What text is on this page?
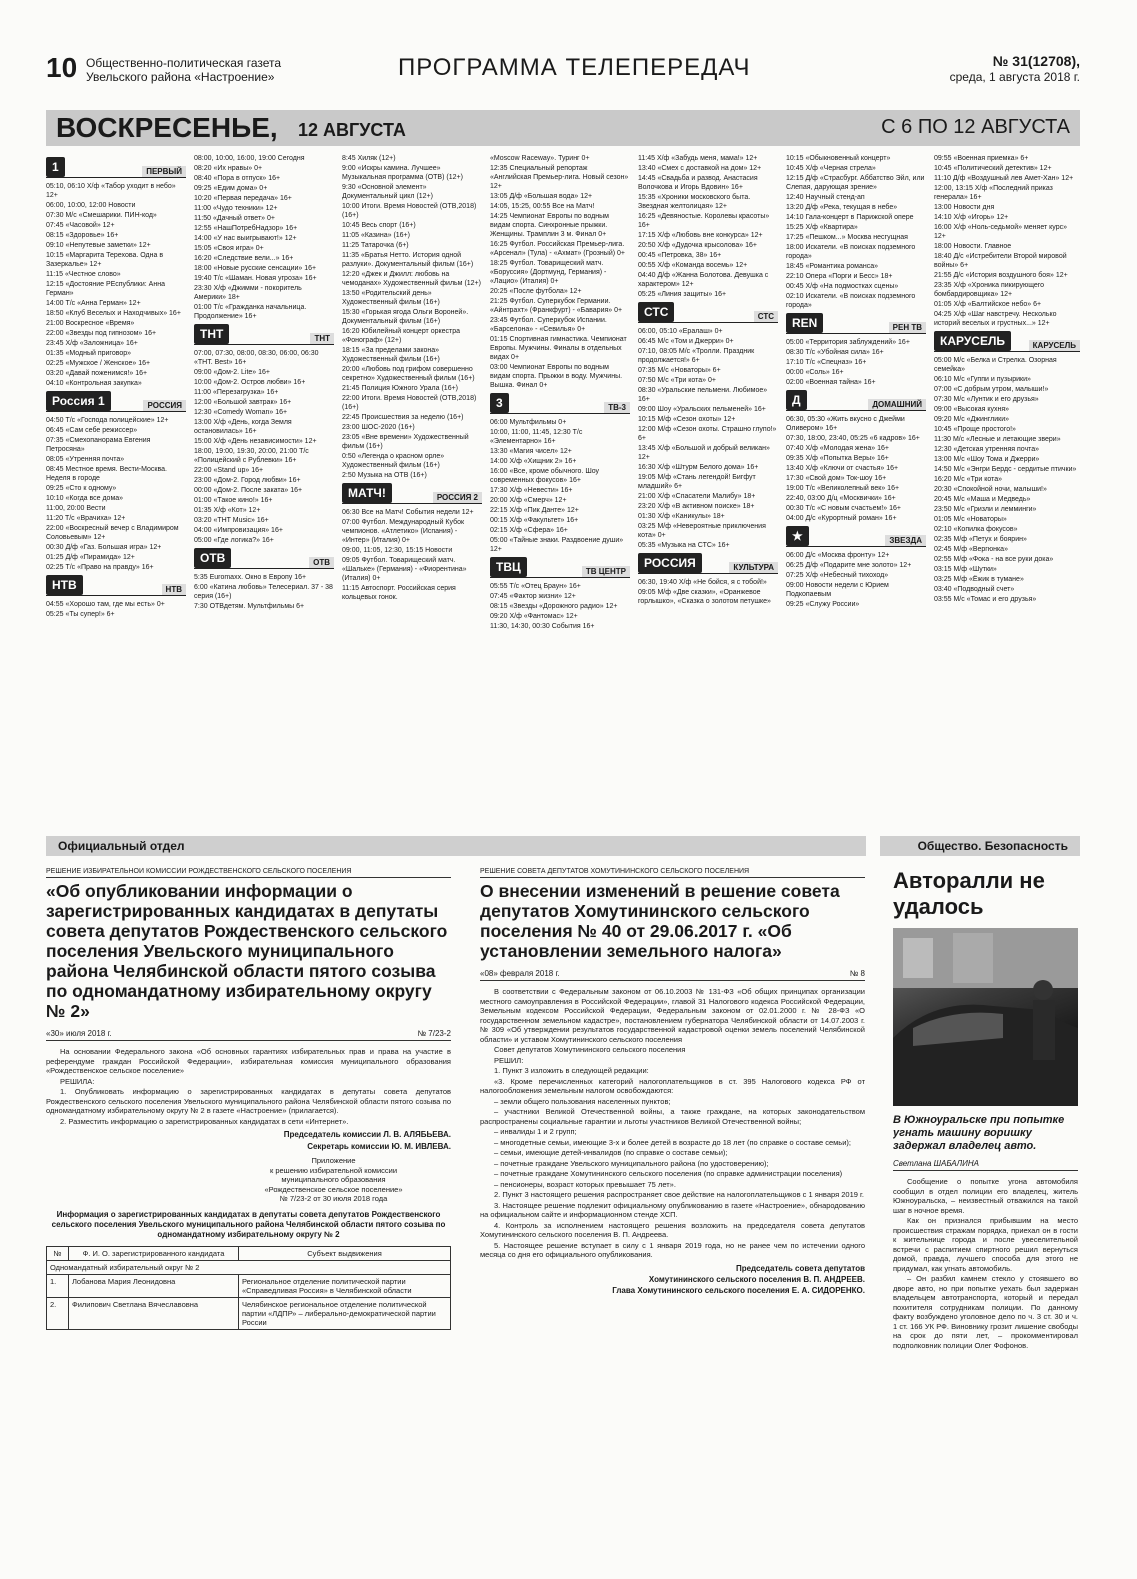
10 Общественно-политическая газета
Увельского района «Настроение»	ПРОГРАММА ТЕЛЕПЕРЕДАЧ	№ 31(12708),
среда, 1 августа 2018 г.
ВОСКРЕСЕНЬЕ, 12 АВГУСТА	С 6 ПО 12 АВГУСТА
1	ПЕРВЫЙ
05:10, 06:10 Х/ф «Табор уходит в небо» 12+
06:00, 10:00, 12:00 Новости
07:30 М/с «Смешарики. ПИН-код»
07:45 «Часовой» 12+
08:15 «Здоровье» 16+
09:10 «Непутевые заметки» 12+
10:15 «Маргарита Терехова. Одна в Зазеркалье» 12+
11:15 «Честное слово»
12:15 «Достояние РЕспублики: Анна Герман»
14:00 Т/с «Анна Герман» 12+
18:50 «Клуб Веселых и Находчивых» 16+
21:00 Воскресное «Время»
22:00 «Звезды под гипнозом» 16+
23:45 Х/ф «Заложница» 16+
01:35 «Модный приговор»
02:25 «Мужское / Женское» 16+
03:20 «Давай поженимся!» 16+
04:10 «Контрольная закупка»
Россия 1	РОССИЯ
04:50 Т/с «Господа полицейские» 12+
06:45 «Сам себе режиссер»
07:35 «Смехопанорама Евгения Петросяна»
08:05 «Утренняя почта»
08:45 Местное время. Вести-Москва. Неделя в городе
09:25 «Сто к одному»
10:10 «Когда все дома»
11:00, 20:00 Вести
11:20 Т/с «Врачиха» 12+
22:00 «Воскресный вечер с Владимиром Соловьевым» 12+
00:30 Д/ф «Газ. Большая игра» 12+
01:25 Д/ф «Пирамида» 12+
02:25 Т/с «Право на правду» 16+
НТВ	НТВ
04:55 «Хорошо там, где мы есть» 0+
05:25 «Ты супер!» 6+
08:00, 10:00, 16:00, 19:00 Сегодня
08:20 «Их нравы» 0+
08:40 «Пора в отпуск» 16+
09:25 «Едим дома» 0+
10:20 «Первая передача» 16+
11:00 «Чудо техники» 12+
11:50 «Дачный ответ» 0+
12:55 «НашПотребНадзор» 16+
14:00 «У нас выигрывают!» 12+
15:05 «Своя игра» 0+
16:20 «Следствие вели...» 16+
18:00 «Новые русские сенсации» 16+
19:40 Т/с «Шаман. Новая угроза» 16+
23:30 Х/ф «Джимми - покоритель Америки» 18+
01:00 Т/с «Гражданка начальница. Продолжение» 16+
ТНТ	ТНТ
07:00, 07:30, 08:00, 08:30, 06:00, 06:30 «ТНТ. Best» 16+
09:00 «Дом-2. Lite» 16+
10:00 «Дом-2. Остров любви» 16+
11:00 «Перезагрузка» 16+
12:00 «Большой завтрак» 16+
12:30 «Comedy Woman» 16+
13:00 Х/ф «День, когда Земля остановилась» 16+
15:00 Х/ф «День независимости» 12+
18:00, 19:00, 19:30, 20:00, 21:00 Т/с «Полицейский с Рублевки» 16+
22:00 «Stand up» 16+
23:00 «Дом-2. Город любви» 16+
00:00 «Дом-2. После заката» 16+
01:00 «Такое кино!» 16+
01:35 Х/ф «Кот» 12+
03:20 «THT Music» 16+
04:00 «Импровизация» 16+
05:00 «Где логика?» 16+
ОТВ	ОТВ
5:35 Euromaxx. Окно в Европу 16+
6:00 «Катина любовь» Телесериал. 37 - 38 серия (16+)
7:30 ОТВдетям. Мультфильмы 6+
8:45 Хиляк (12+)
9:00 «Искры камина. Лучшее» Музыкальная программа (ОТВ) (12+)
9:30 «Основной элемент» Документальный цикл (12+)
10:00 Итоги. Время Новостей (ОТВ,2018) (16+)
10:45 Весь спорт (16+)
11:05 «Казина» (16+)
11:25 Татарочка (6+)
11:35 «Братья Нетто. История одной разлуки». Документальный фильм (16+)
12:20 «Джек и Джилл: любовь на чемоданах» Художественный фильм (12+)
13:50 «Родительский день» Художественный фильм (16+)
15:30 «Горькая ягода Ольги Вороней». Документальный фильм (16+)
16:20 Юбилейный концерт оркестра «Фонограф» (12+)
18:15 «За пределами закона» Художественный фильм (16+)
20:00 «Любовь под грифом совершенно секретно» Художественный фильм (16+)
21:45 Полиция Южного Урала (16+)
22:00 Итоги. Время Новостей (ОТВ,2018) (16+)
22:45 Происшествия за неделю (16+)
23:00 ШОС-2020 (16+)
23:05 «Вне времени» Художественный фильм (16+)
0:50 «Легенда о красном орле» Художественный фильм (16+)
2:50 Музыка на ОТВ (16+)
МАТЧ!	РОССИЯ 2
06:30 Все на Матч! События недели 12+
07:00 Футбол. Международный Кубок чемпионов. «Атлетико» (Испания) - «Интер» (Италия) 0+
09:00, 11:05, 12:30, 15:15 Новости
09:05 Футбол. Товарищеский матч. «Шальке» (Германия) - «Фиорентина» (Италия) 0+
11:15 Автоспорт. Российская серия кольцевых гонок.
«Moscow Raceway». Туринг 0+
12:35 Специальный репортаж «Английская Премьер-лига. Новый сезон» 12+
13:05 Д/ф «Большая вода» 12+
14:05, 15:25, 00:55 Все на Матч!
14:25 Чемпионат Европы по водным видам спорта. Синхронные прыжки. Женщины. Трамплин 3 м. Финал 0+
16:25 Футбол. Российская Премьер-лига. «Арсенал» (Тула) - «Ахмат» (Грозный) 0+
18:25 Футбол. Товарищеский матч. «Боруссия» (Дортмунд, Германия) - «Лацио» (Италия) 0+
20:25 «После футбола» 12+
21:25 Футбол. Суперкубок Германии. «Айнтрахт» (Франкфурт) - «Бавария» 0+
23:45 Футбол. Суперкубок Испании. «Барселона» - «Севилья» 0+
01:15 Спортивная гимнастика. Чемпионат Европы. Мужчины. Финалы в отдельных видах 0+
03:00 Чемпионат Европы по водным видам спорта. Прыжки в воду. Мужчины. Вышка. Финал 0+
3	ТВ-3
06:00 Мультфильмы 0+
10:00, 11:00, 11:45, 12:30 Т/с «Элементарно» 16+
13:30 «Магия чисел» 12+
14:00 Х/ф «Хищник 2» 16+
16:00 «Все, кроме обычного. Шоу современных фокусов» 16+
17:30 Х/ф «Невести» 16+
20:00 Х/ф «Смерч» 12+
22:15 Х/ф «Пик Данте» 12+
00:15 Х/ф «Факультет» 16+
02:15 Х/ф «Сфера» 16+
05:00 «Тайные знаки. Раздвоение души» 12+
ТВЦ	ТВ ЦЕНТР
05:55 Т/с «Отец Браун» 16+
07:45 «Фактор жизни» 12+
08:15 «Звезды «Дорожного радио» 12+
09:20 Х/ф «Фантомас» 12+
11:30, 14:30, 00:30 События 16+
11:45 Х/ф «Забудь меня, мама!» 12+
13:40 «Смех с доставкой на дом» 12+
14:45 «Свадьба и развод. Анастасия Волочкова и Игорь Вдовин» 16+
15:35 «Хроники московского быта. Звездная желтолицая» 12+
16:25 «Девяностые. Королевы красоты» 16+
17:15 Х/ф «Любовь вне конкурса» 12+
20:50 Х/ф «Дудочка крысолова» 16+
00:45 «Петровка, 38» 16+
00:55 Х/ф «Команда восемь» 12+
04:40 Д/ф «Жанна Болотова. Девушка с характером» 12+
05:25 «Линия защиты» 16+
СТС	СТС
06:00, 05:10 «Ералаш» 0+
06:45 М/с «Том и Джерри» 0+
07:10, 08:05 М/с «Тролли. Праздник продолжается!» 6+
07:35 М/с «Новаторы» 6+
07:50 М/с «Три кота» 0+
08:30 «Уральские пельмени. Любимое» 16+
09:00 Шоу «Уральских пельменей» 16+
10:15 М/ф «Сезон охоты» 12+
12:00 М/ф «Сезон охоты. Страшно глупо!» 6+
13:45 Х/ф «Большой и добрый великан» 12+
16:30 Х/ф «Штурм Белого дома» 16+
19:05 М/ф «Стань легендой! Бигфут младший» 6+
21:00 Х/ф «Спасатели Малибу» 18+
23:20 Х/ф «В активном поиске» 18+
01:30 Х/ф «Каникулы» 18+
03:25 М/ф «Невероятные приключения кота» 0+
05:35 «Музыка на СТС» 16+
РОССИЯ	КУЛЬТУРА
06:30, 19:40 Х/ф «Не бойся, я с тобой!»
09:05 М/ф «Две сказки», «Оранжевое горлышко», «Сказка о золотом петушке»
10:15 «Обыкновенный концерт»
10:45 Х/ф «Черная стрела»
12:15 Д/ф «Страсбург. Аббатство Эйл, или Слепая, дарующая зрение»
12:40 Научный стенд-ап
13:20 Д/ф «Река, текущая в небе»
14:10 Гала-концерт в Парижской опере
15:25 Х/ф «Квартира»
17:25 «Пешком...» Москва несгущная
18:00 Искатели. «В поисках подземного города»
18:45 «Романтика романса»
22:10 Опера «Порги и Бесс» 18+
00:45 Х/ф «На подмостках сцены»
02:10 Искатели. «В поисках подземного города»
REN	РЕН ТВ
05:00 «Территория заблуждений» 16+
08:30 Т/с «Убойная сила» 16+
17:10 Т/с «Спецназ» 16+
00:00 «Соль» 16+
02:00 «Военная тайна» 16+
Д	ДОМАШНИЙ
06:30, 05:30 «Жить вкусно с Джейми Оливером» 16+
07:30, 18:00, 23:40, 05:25 «6 кадров» 16+
07:40 Х/ф «Молодая жена» 16+
09:35 Х/ф «Попытка Веры» 16+
13:40 Х/ф «Ключи от счастья» 16+
17:30 «Свой дом» Ток-шоу 16+
19:00 Т/с «Великолепный век» 16+
22:40, 03:00 Д/ц «Москвички» 16+
00:30 Т/с «С новым счастьем!» 16+
04:00 Д/с «Курортный роман» 16+
★	ЗВЕЗДА
06:00 Д/с «Москва фронту» 12+
06:25 Д/ф «Подарите мне золото» 12+
07:25 Х/ф «Небесный тихоход»
09:00 Новости недели с Юрием Подкопаевым
09:25 «Служу России»
09:55 «Военная приемка» 6+
10:45 «Политический детектив» 12+
11:10 Д/ф «Воздушный лев Амет-Хан» 12+
12:00, 13:15 Х/ф «Последний приказ генерала» 16+
13:00 Новости дня
14:10 Х/ф «Игорь» 12+
16:00 Х/ф «Ноль-седьмой» меняет курс» 12+
18:00 Новости. Главное
18:40 Д/с «Истребители Второй мировой войны» 6+
21:55 Д/с «История воздушного боя» 12+
23:35 Х/ф «Хроника пикирующего бомбардировщика» 12+
01:05 Х/ф «Балтийское небо» 6+
04:25 Х/ф «Шаг навстречу. Несколько историй веселых и грустных...» 12+
КАРУСЕЛЬ	КАРУСЕЛЬ
05:00 М/с «Белка и Стрелка. Озорная семейка»
06:10 М/с «Гуппи и пузырики»
07:00 «С добрым утром, малыши!»
07:30 М/с «Лунтик и его друзья»
09:00 «Высокая кухня»
09:20 М/с «Джинглики»
10:45 «Проще простого!»
11:30 М/с «Лесные и летающие звери»
12:30 «Детская утренняя почта»
13:00 М/с «Шоу Тома и Джерри»
14:50 М/с «Энгри Бердс - сердитые птички»
16:20 М/с «Три кота»
20:30 «Спокойной ночи, малыши!»
20:45 М/с «Маша и Медведь»
23:50 М/с «Гризли и лемминги»
01:05 М/с «Новаторы»
02:10 «Копилка фокусов»
02:35 М/ф «Петух и боярин»
02:45 М/ф «Вергюнка»
02:55 М/ф «Фока - на все руки дока»
03:15 М/ф «Шутки»
03:25 М/ф «Ёжик в тумане»
03:40 «Подводный счет»
03:55 М/с «Томас и его друзья»
Официальный отдел	Общество. Безопасность
РЕШЕНИЕ ИЗБИРАТЕЛЬНОЙ КОМИССИИ РОЖДЕСТВЕНСКОГО СЕЛЬСКОГО ПОСЕЛЕНИЯ
«Об опубликовании информации о зарегистрированных кандидатах в депутаты совета депутатов Рождественского сельского поселения Увельского муниципального района Челябинской области пятого созыва по одномандатному избирательному округу № 2»
«30» июля 2018 г.	№ 7/23-2
На основании Федерального закона «Об основных гарантиях избирательных прав и права на участие в референдуме граждан Российской Федерации», избирательная комиссия муниципального образования «Рождественское сельское поселение»
РЕШИЛА:
1. Опубликовать информацию о зарегистрированных кандидатах в депутаты совета депутатов Рождественского сельского поселения Увельского муниципального района Челябинской области пятого созыва по одномандатному избирательному округу № 2 в газете «Настроение» (прилагается).
2. Разместить информацию о зарегистрированных кандидатах в сети «Интернет».
Председатель комиссии Л. В. АЛЯБЬЕВА.
Секретарь комиссии Ю. М. ИВЛЕВА.
Приложение
к решению избирательной комиссии
муниципального образования
«Рождественское сельское поселение»
№ 7/23-2 от 30 июля 2018 года
Информация о зарегистрированных кандидатах в депутаты совета депутатов Рождественского сельского поселения Увельского муниципального района Челябинской области пятого созыва по одномандатному избирательному округу № 2
№	Ф. И. О. зарегистрированного кандидата	Субъект выдвижения
Одномандатный избирательный округ № 2		
1.	Лобанова Мария Леонидовна	Региональное отделение политической партии «Справедливая Россия» в Челябинской области
2.	Филипович Светлана Вячеславовна	Челябинское региональное отделение политической партии «ЛДПР» – либерально-демократической партии России
РЕШЕНИЕ СОВЕТА ДЕПУТАТОВ ХОМУТИНИНСКОГО СЕЛЬСКОГО ПОСЕЛЕНИЯ
О внесении изменений в решение совета депутатов Хомутининского сельского поселения № 40 от 29.06.2017 г. «Об установлении земельного налога»
«08» февраля 2018 г.	№ 8
В соответствии с Федеральным законом от 06.10.2003 № 131-ФЗ «Об общих принципах организации местного самоуправления в Российской Федерации», главой 31 Налогового кодекса Российской Федерации, Земельным кодексом Российской Федерации, Федеральным законом от 02.01.2000 г. № 28-ФЗ «О государственном земельном кадастре», постановлением губернатора Челябинской области от 14.07.2003 г. № 309 «Об утверждении результатов государственной кадастровой оценки земель поселений Челябинской области» и уставом Хомутининского сельского поселения
Совет депутатов Хомутининского сельского поселения
РЕШИЛ:
1. Пункт 3 изложить в следующей редакции:
«3. Кроме перечисленных категорий налогоплательщиков в ст. 395 Налогового кодекса РФ от налогообложения земельным налогом освобождаются:
– земли общего пользования населенных пунктов;
– участники Великой Отечественной войны, а также граждане, на которых законодательством распространены социальные гарантии и льготы участников Великой Отечественной войны;
– инвалиды 1 и 2 групп;
– многодетные семьи, имеющие 3-х и более детей в возрасте до 18 лет (по справке о составе семьи);
– семьи, имеющие детей-инвалидов (по справке о составе семьи);
– почетные граждане Увельского муниципального района (по удостоверению);
– почетные граждане Хомутининского сельского поселения (по справке администрации поселения)
– пенсионеры, возраст которых превышает 75 лет».
2. Пункт 3 настоящего решения распространяет свое действие на налогоплательщиков с 1 января 2019 г.
3. Настоящее решение подлежит официальному опубликованию в газете «Настроение», обнародованию на официальном сайте и информационном стенде ХСП.
4. Контроль за исполнением настоящего решения возложить на председателя совета депутатов Хомутининского сельского поселения В. П. Андреева.
5. Настоящее решение вступает в силу с 1 января 2019 года, но не ранее чем по истечении одного месяца со дня его официального опубликования.
Председатель совета депутатов
Хомутининского сельского поселения В. П. АНДРЕЕВ.
Глава Хомутининского сельского поселения Е. А. СИДОРЕНКО.
Авторалли не удалось
В Южноуральске при попытке угнать машину воришку задержал владелец авто.
Светлана ШАБАЛИНА
Сообщение о попытке угона автомобиля сообщил в отдел полиции его владелец, житель Южноуральска, – неизвестный отважился на такой шаг в ночное время.
Как он признался прибывшим на место происшествия стражам порядка, приехал он в гости к жительнице города и после увеселительной встречи с распитием спиртного решил вернуться домой, правда, лучшего способа для этого не придумал, как угнать автомобиль.
– Он разбил камнем стекло у стоявшего во дворе авто, но при попытке уехать был задержан владельцем автотранспорта, который и передал похитителя сотрудникам полиции. По данному факту возбуждено уголовное дело по ч. 3 ст. 30 и ч. 1 ст. 166 УК РФ. Виновнику грозит лишение свободы на срок до пяти лет, – прокомментировал подполковник полиции Олег Фофонов.
